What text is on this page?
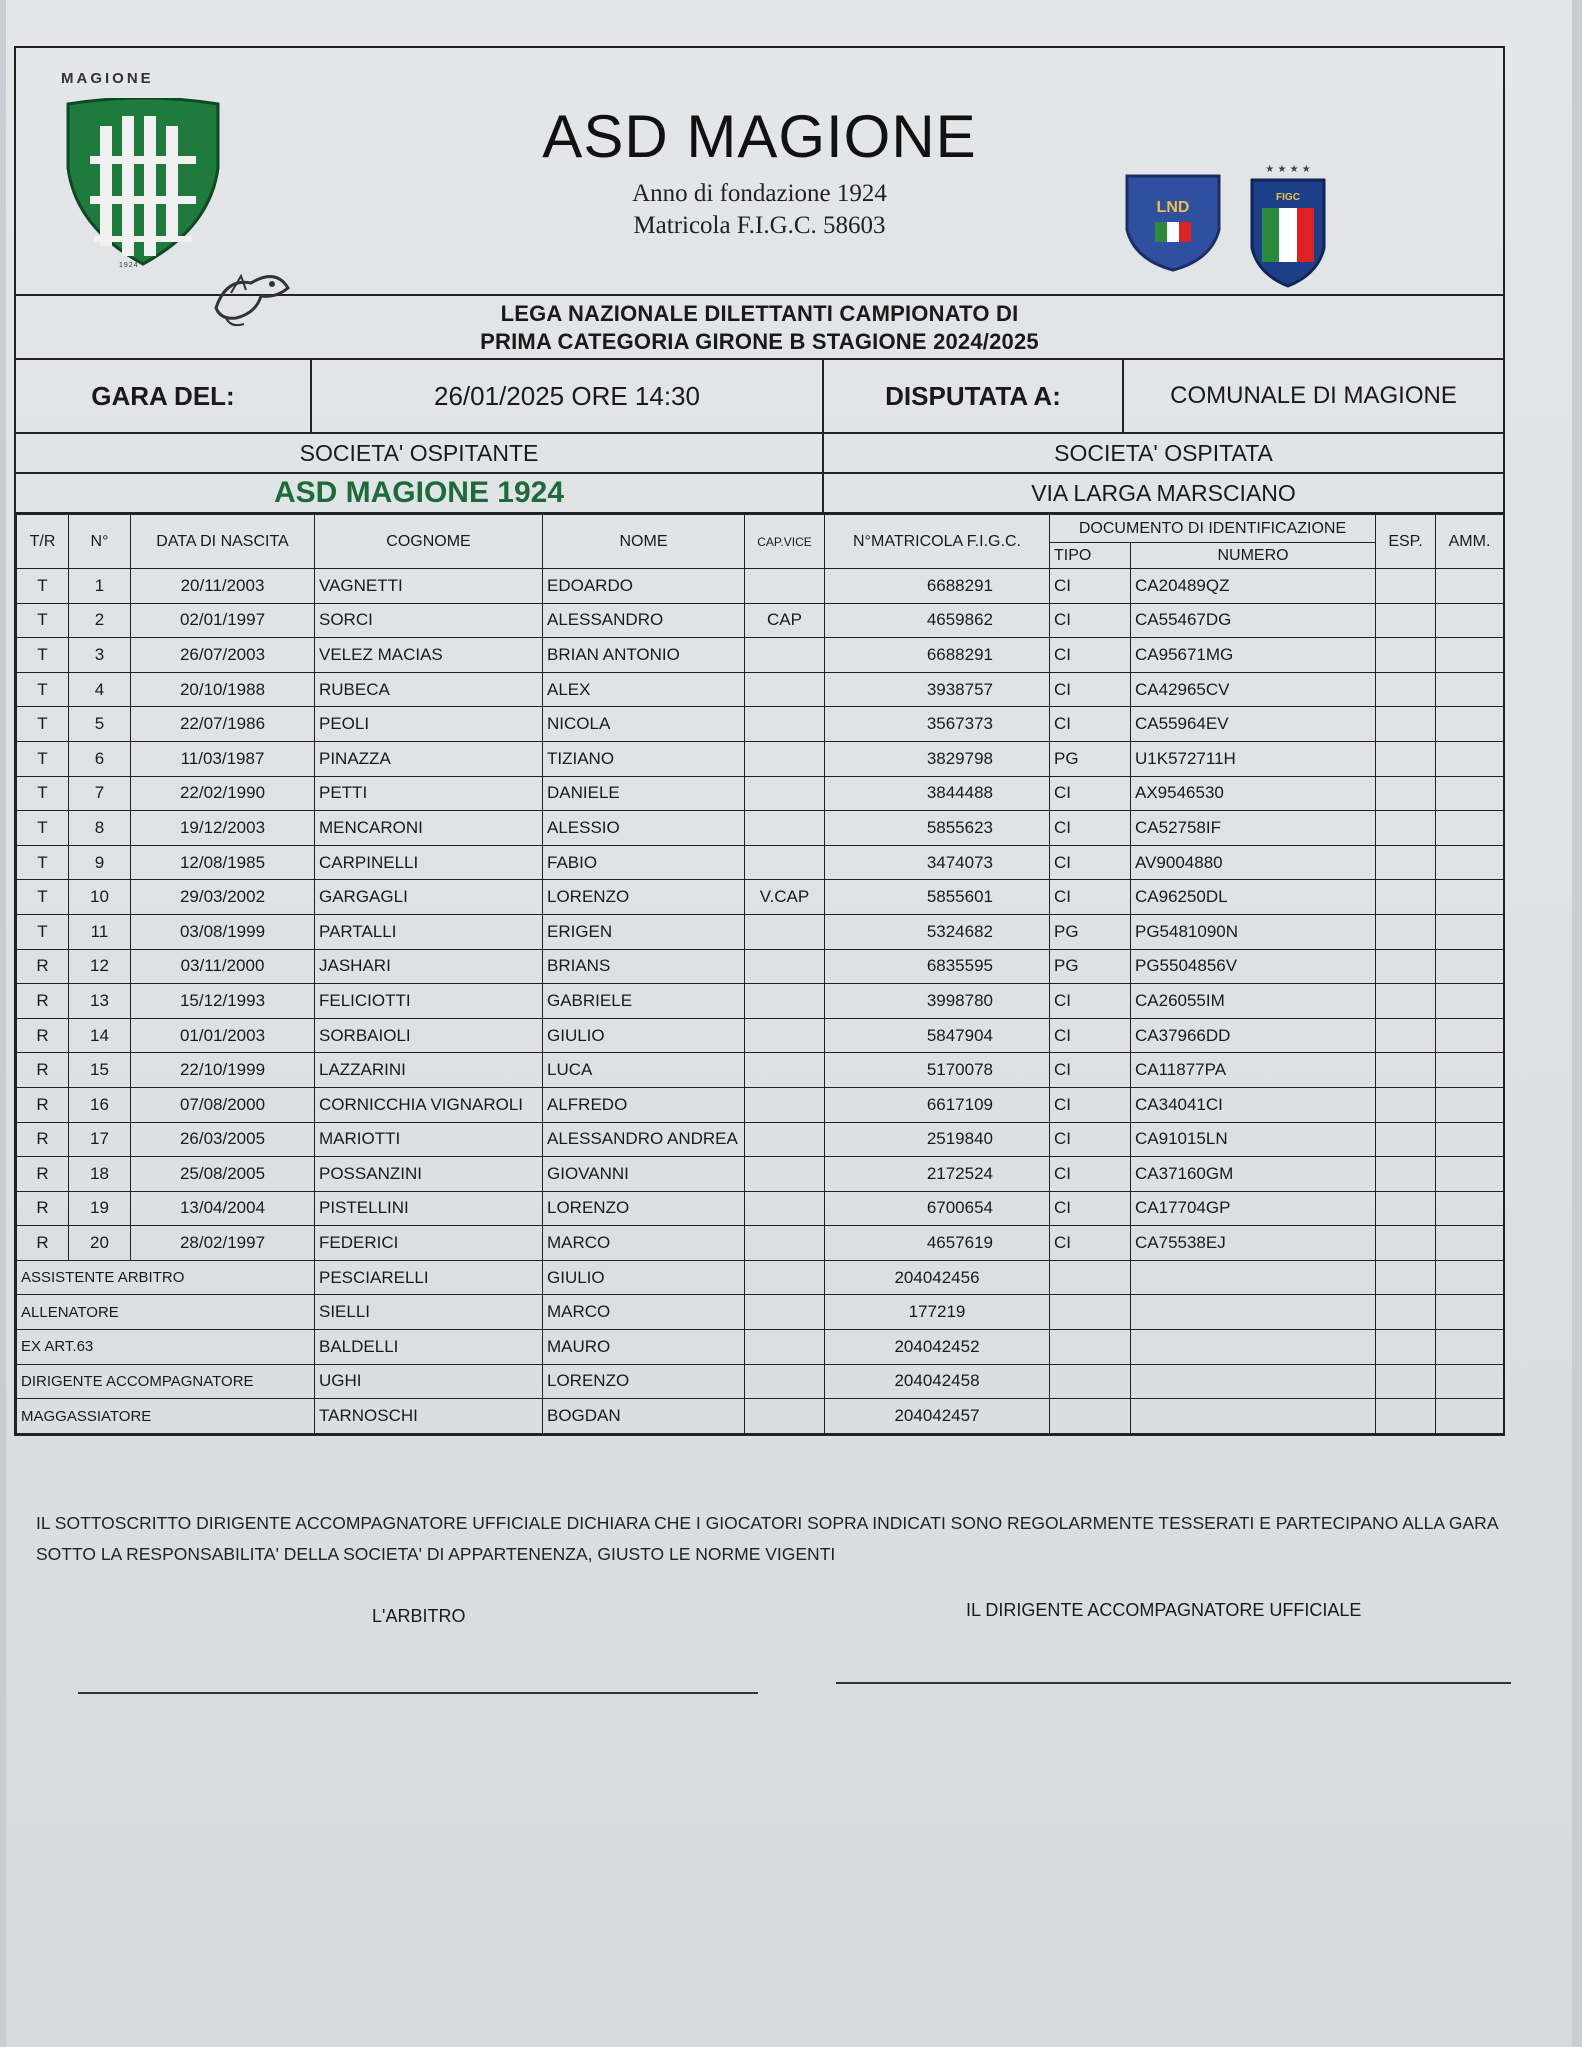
MAGIONE
1924
ASD MAGIONE
Anno di fondazione 1924
Matricola F.I.G.C. 58603
LND
★ ★ ★ ★
FIGC
LEGA NAZIONALE DILETTANTI CAMPIONATO DI
PRIMA CATEGORIA GIRONE B STAGIONE 2024/2025
GARA DEL:	26/01/2025 ORE 14:30	DISPUTATA A:	COMUNALE DI MAGIONE
SOCIETA' OSPITANTE
ASD MAGIONE 1924
SOCIETA' OSPITATA
VIA LARGA MARSCIANO
T/R	N°	DATA DI NASCITA	COGNOME	NOME	CAP.VICE	N°MATRICOLA F.I.G.C.	DOCUMENTO DI IDENTIFICAZIONE		ESP.	AMM.
							TIPO	NUMERO		
T	1	20/11/2003	VAGNETTI	EDOARDO		6688291	CI	CA20489QZ		
T	2	02/01/1997	SORCI	ALESSANDRO	CAP	4659862	CI	CA55467DG		
T	3	26/07/2003	VELEZ MACIAS	BRIAN ANTONIO		6688291	CI	CA95671MG		
T	4	20/10/1988	RUBECA	ALEX		3938757	CI	CA42965CV		
T	5	22/07/1986	PEOLI	NICOLA		3567373	CI	CA55964EV		
T	6	11/03/1987	PINAZZA	TIZIANO		3829798	PG	U1K572711H		
T	7	22/02/1990	PETTI	DANIELE		3844488	CI	AX9546530		
T	8	19/12/2003	MENCARONI	ALESSIO		5855623	CI	CA52758IF		
T	9	12/08/1985	CARPINELLI	FABIO		3474073	CI	AV9004880		
T	10	29/03/2002	GARGAGLI	LORENZO	V.CAP	5855601	CI	CA96250DL		
T	11	03/08/1999	PARTALLI	ERIGEN		5324682	PG	PG5481090N		
R	12	03/11/2000	JASHARI	BRIANS		6835595	PG	PG5504856V		
R	13	15/12/1993	FELICIOTTI	GABRIELE		3998780	CI	CA26055IM		
R	14	01/01/2003	SORBAIOLI	GIULIO		5847904	CI	CA37966DD		
R	15	22/10/1999	LAZZARINI	LUCA		5170078	CI	CA11877PA		
R	16	07/08/2000	CORNICCHIA VIGNAROLI	ALFREDO		6617109	CI	CA34041CI		
R	17	26/03/2005	MARIOTTI	ALESSANDRO ANDREA		2519840	CI	CA91015LN		
R	18	25/08/2005	POSSANZINI	GIOVANNI		2172524	CI	CA37160GM		
R	19	13/04/2004	PISTELLINI	LORENZO		6700654	CI	CA17704GP		
R	20	28/02/1997	FEDERICI	MARCO		4657619	CI	CA75538EJ		
ASSISTENTE ARBITRO			PESCIARELLI	GIULIO		204042456				
ALLENATORE			SIELLI	MARCO		177219				
EX ART.63			BALDELLI	MAURO		204042452				
DIRIGENTE ACCOMPAGNATORE			UGHI	LORENZO		204042458				
MAGGASSIATORE			TARNOSCHI	BOGDAN		204042457				
IL SOTTOSCRITTO DIRIGENTE ACCOMPAGNATORE UFFICIALE DICHIARA CHE I GIOCATORI SOPRA INDICATI SONO REGOLARMENTE TESSERATI E PARTECIPANO ALLA GARA
SOTTO LA RESPONSABILITA' DELLA SOCIETA' DI APPARTENENZA, GIUSTO LE NORME VIGENTI
L'ARBITRO	IL DIRIGENTE ACCOMPAGNATORE UFFICIALE
